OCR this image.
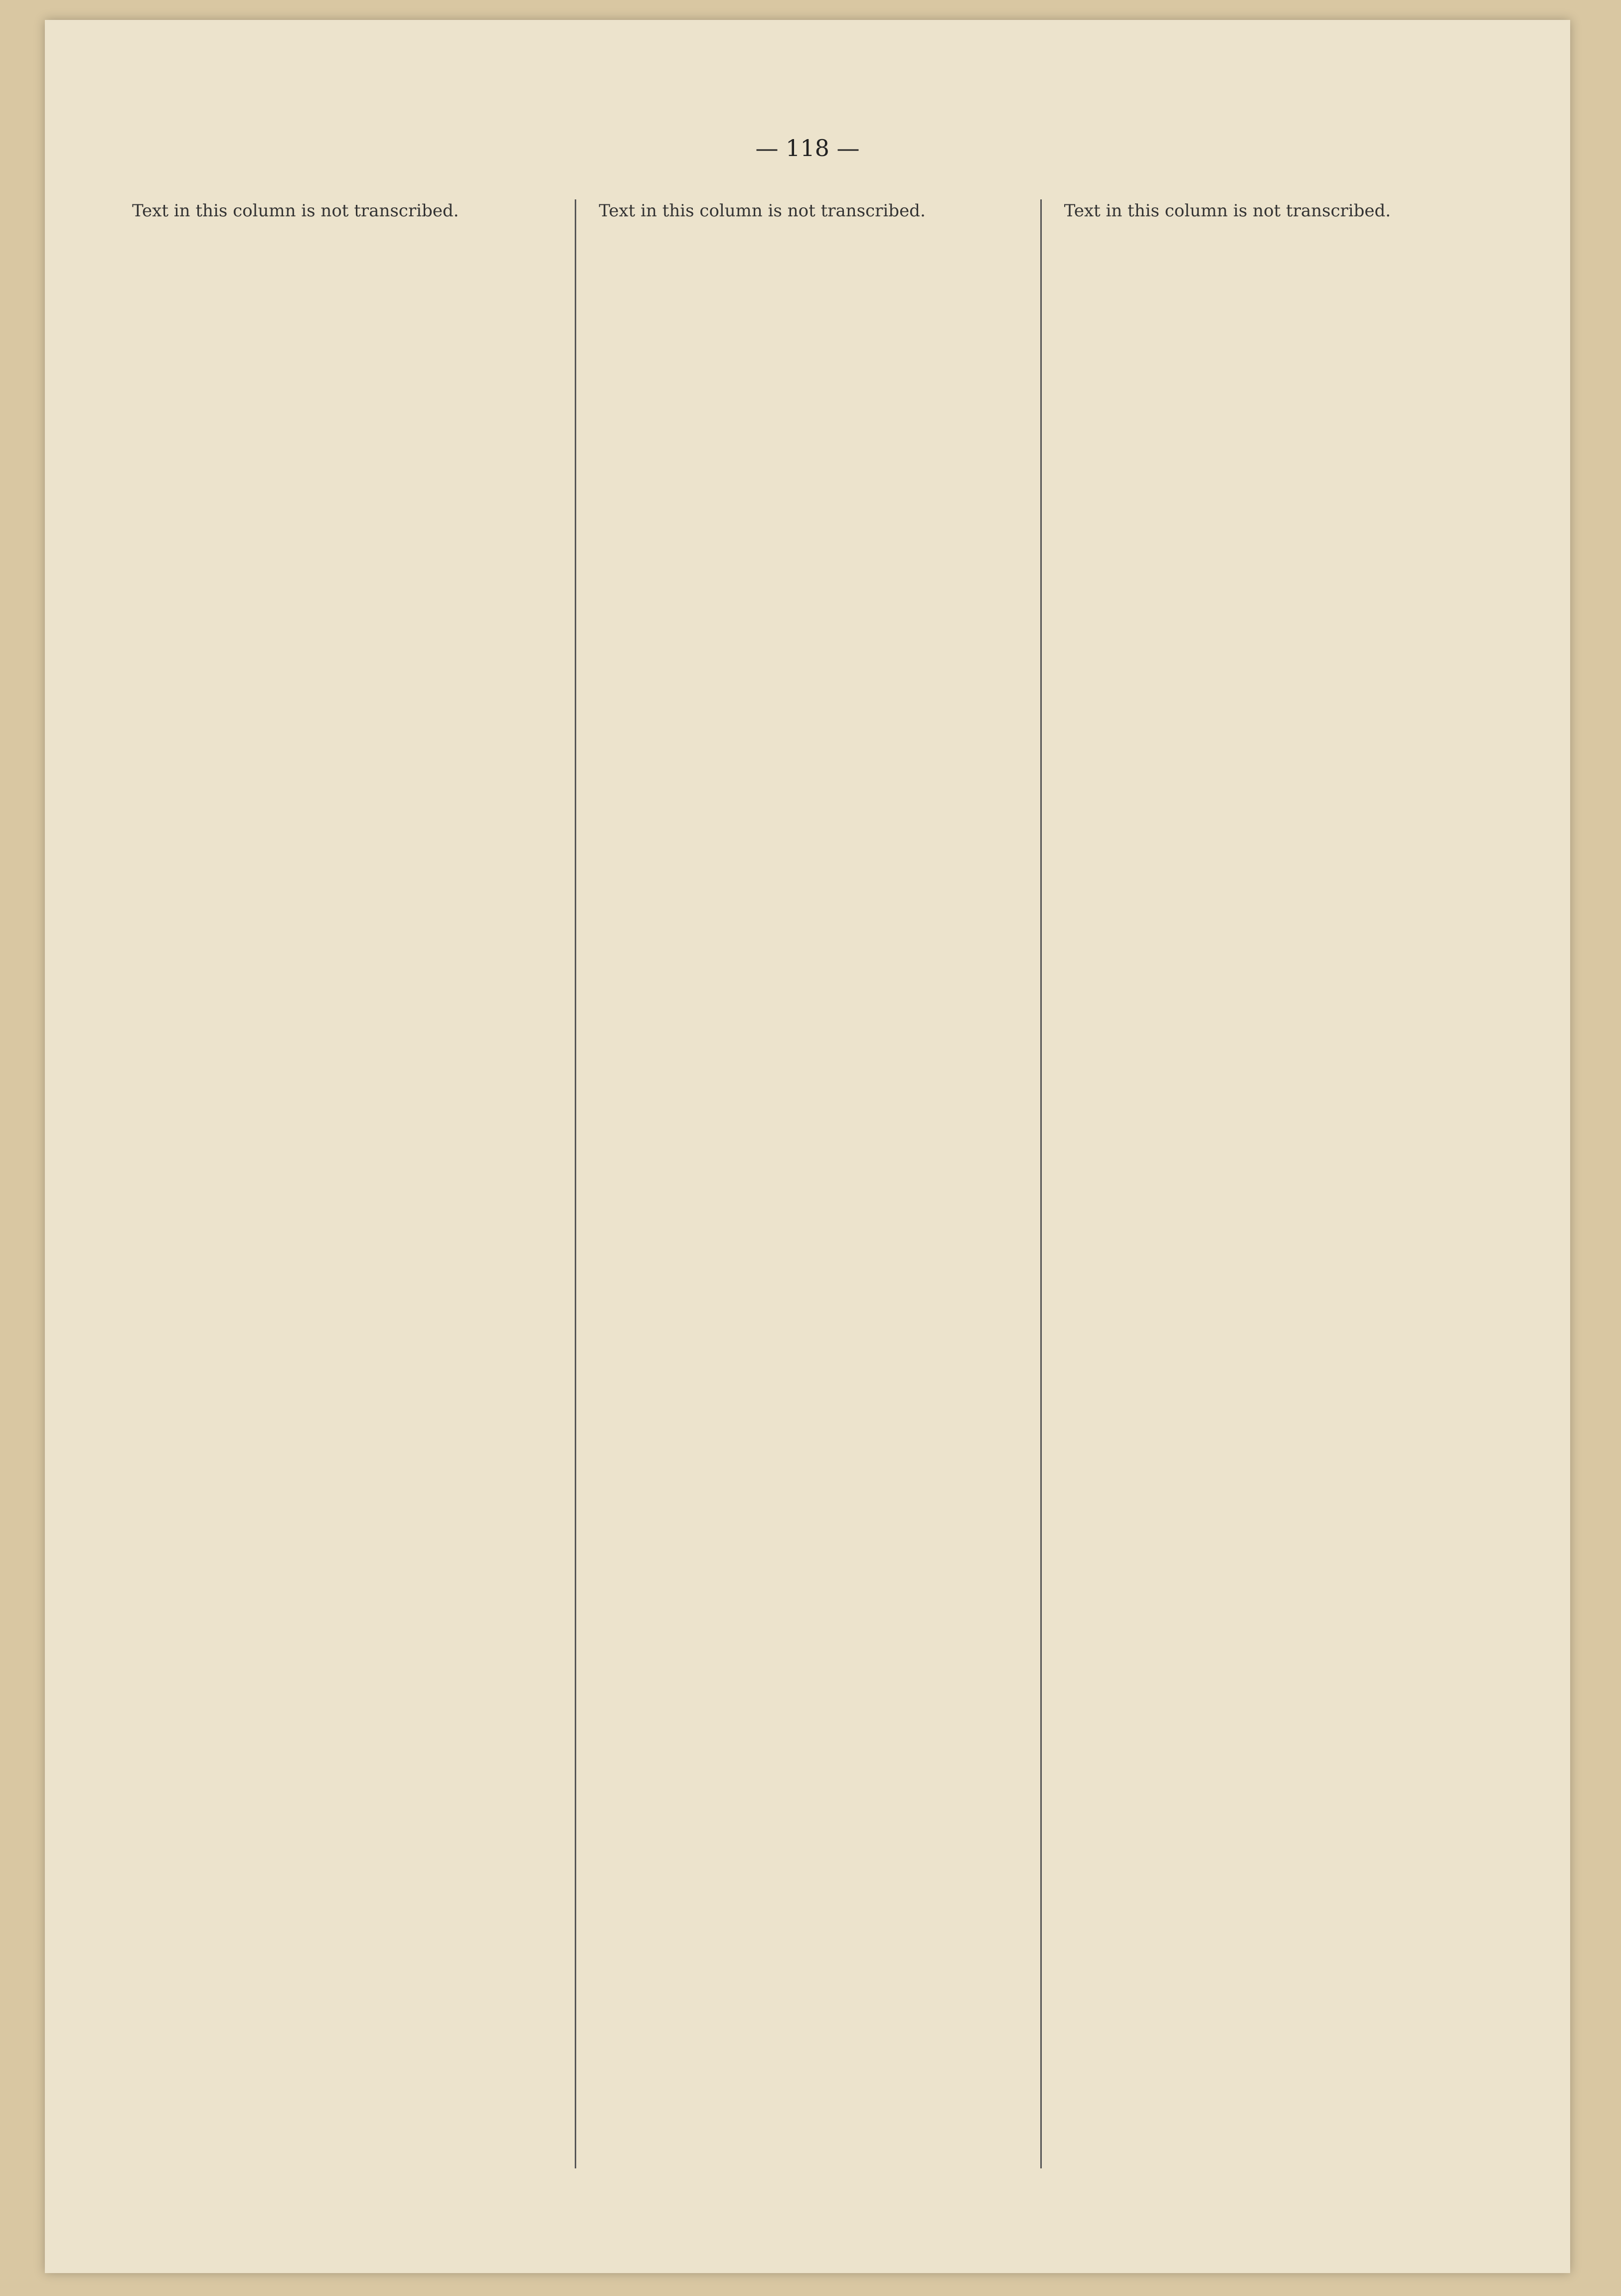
— 118 —

Text in this column is not transcribed.	Text in this column is not transcribed.	Text in this column is not transcribed.
